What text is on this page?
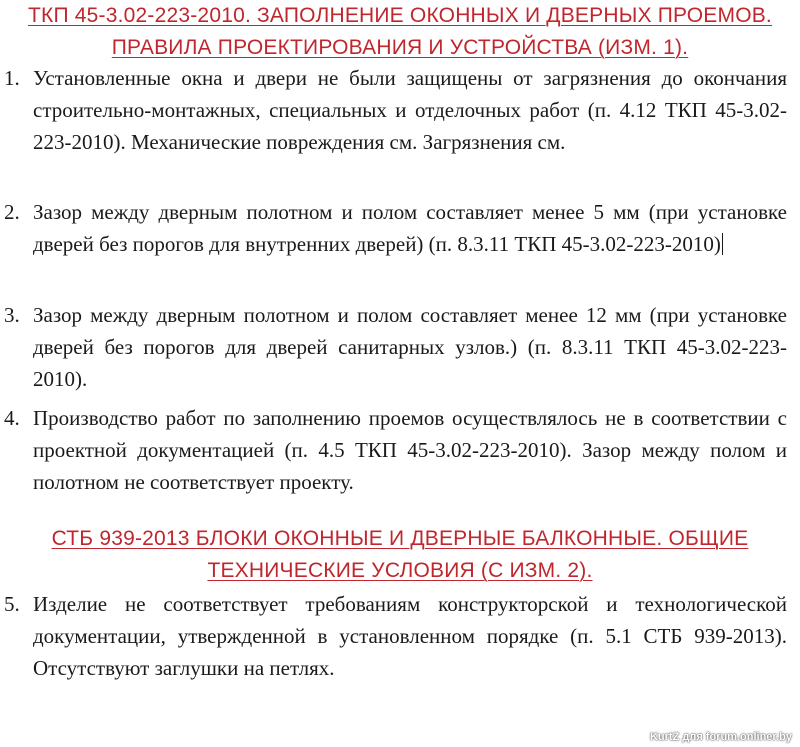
ТКП 45-3.02-223-2010. ЗАПОЛНЕНИЕ ОКОННЫХ И ДВЕРНЫХ ПРОЕМОВ.
ПРАВИЛА ПРОЕКТИРОВАНИЯ И УСТРОЙСТВА (ИЗМ. 1).
1. Установленные окна и двери не были защищены от загрязнения до окончания строительно-монтажных, специальных и отделочных работ (п. 4.12 ТКП 45-3.02-223-2010). Механические повреждения см. Загрязнения см.
2. Зазор между дверным полотном и полом составляет менее 5 мм (при установке дверей без порогов для внутренних дверей) (п. 8.3.11 ТКП 45-3.02-223-2010)
3. Зазор между дверным полотном и полом составляет менее 12 мм (при установке дверей без порогов для дверей санитарных узлов.) (п. 8.3.11 ТКП 45-3.02-223-2010).
4. Производство работ по заполнению проемов осуществлялось не в соответствии с проектной документацией (п. 4.5 ТКП 45-3.02-223-2010). Зазор между полом и полотном не соответствует проекту.
СТБ 939-2013 БЛОКИ ОКОННЫЕ И ДВЕРНЫЕ БАЛКОННЫЕ. ОБЩИЕ
ТЕХНИЧЕСКИЕ УСЛОВИЯ (С ИЗМ. 2).
5. Изделие не соответствует требованиям конструкторской и технологической документации, утвержденной в установленном порядке (п. 5.1 СТБ 939-2013). Отсутствуют заглушки на петлях.
KurtZ для forum.onliner.by
